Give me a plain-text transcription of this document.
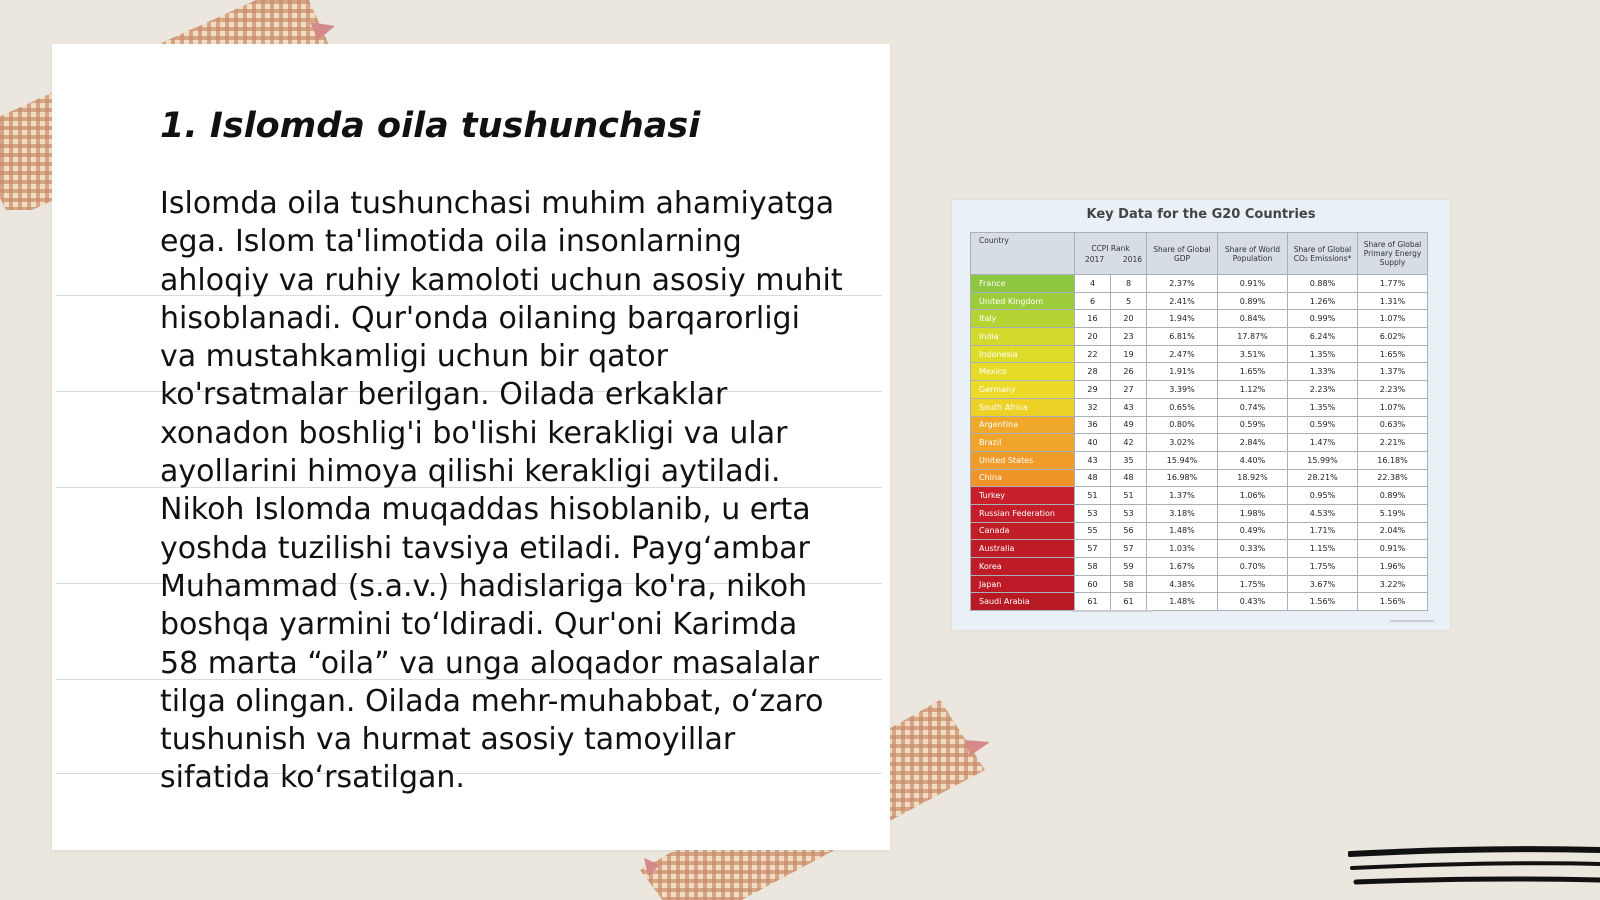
1. Islomda oila tushunchasi

Islomda oila tushunchasi muhim ahamiyatga
ega. Islom ta'limotida oila insonlarning
ahloqiy va ruhiy kamoloti uchun asosiy muhit
hisoblanadi. Qur'onda oilaning barqarorligi
va mustahkamligi uchun bir qator
ko'rsatmalar berilgan. Oilada erkaklar
xonadon boshlig'i bo'lishi kerakligi va ular
ayollarini himoya qilishi kerakligi aytiladi.
Nikoh Islomda muqaddas hisoblanib, u erta
yoshda tuzilishi tavsiya etiladi. Payg‘ambar
Muhammad (s.a.v.) hadislariga ko'ra, nikoh
boshqa yarmini to‘ldiradi. Qur'oni Karimda
58 marta “oila” va unga aloqador masalalar
tilga olingan. Oilada mehr-muhabbat, o‘zaro
tushunish va hurmat asosiy tamoyillar
sifatida ko‘rsatilgan.

Key Data for the G20 Countries
Country	CCPI Rank
2017 2016		Share of Global GDP	Share of World Population	Share of Global CO₂ Emissions*	Share of Global Primary Energy Supply
France	4	8	2.37%	0.91%	0.88%	1.77%
United Kingdom	6	5	2.41%	0.89%	1.26%	1.31%
Italy	16	20	1.94%	0.84%	0.99%	1.07%
India	20	23	6.81%	17.87%	6.24%	6.02%
Indonesia	22	19	2.47%	3.51%	1.35%	1.65%
Mexico	28	26	1.91%	1.65%	1.33%	1.37%
Germany	29	27	3.39%	1.12%	2.23%	2.23%
South Africa	32	43	0.65%	0.74%	1.35%	1.07%
Argentina	36	49	0.80%	0.59%	0.59%	0.63%
Brazil	40	42	3.02%	2.84%	1.47%	2.21%
United States	43	35	15.94%	4.40%	15.99%	16.18%
China	48	48	16.98%	18.92%	28.21%	22.38%
Turkey	51	51	1.37%	1.06%	0.95%	0.89%
Russian Federation	53	53	3.18%	1.98%	4.53%	5.19%
Canada	55	56	1.48%	0.49%	1.71%	2.04%
Australia	57	57	1.03%	0.33%	1.15%	0.91%
Korea	58	59	1.67%	0.70%	1.75%	1.96%
Japan	60	58	4.38%	1.75%	3.67%	3.22%
Saudi Arabia	61	61	1.48%	0.43%	1.56%	1.56%
